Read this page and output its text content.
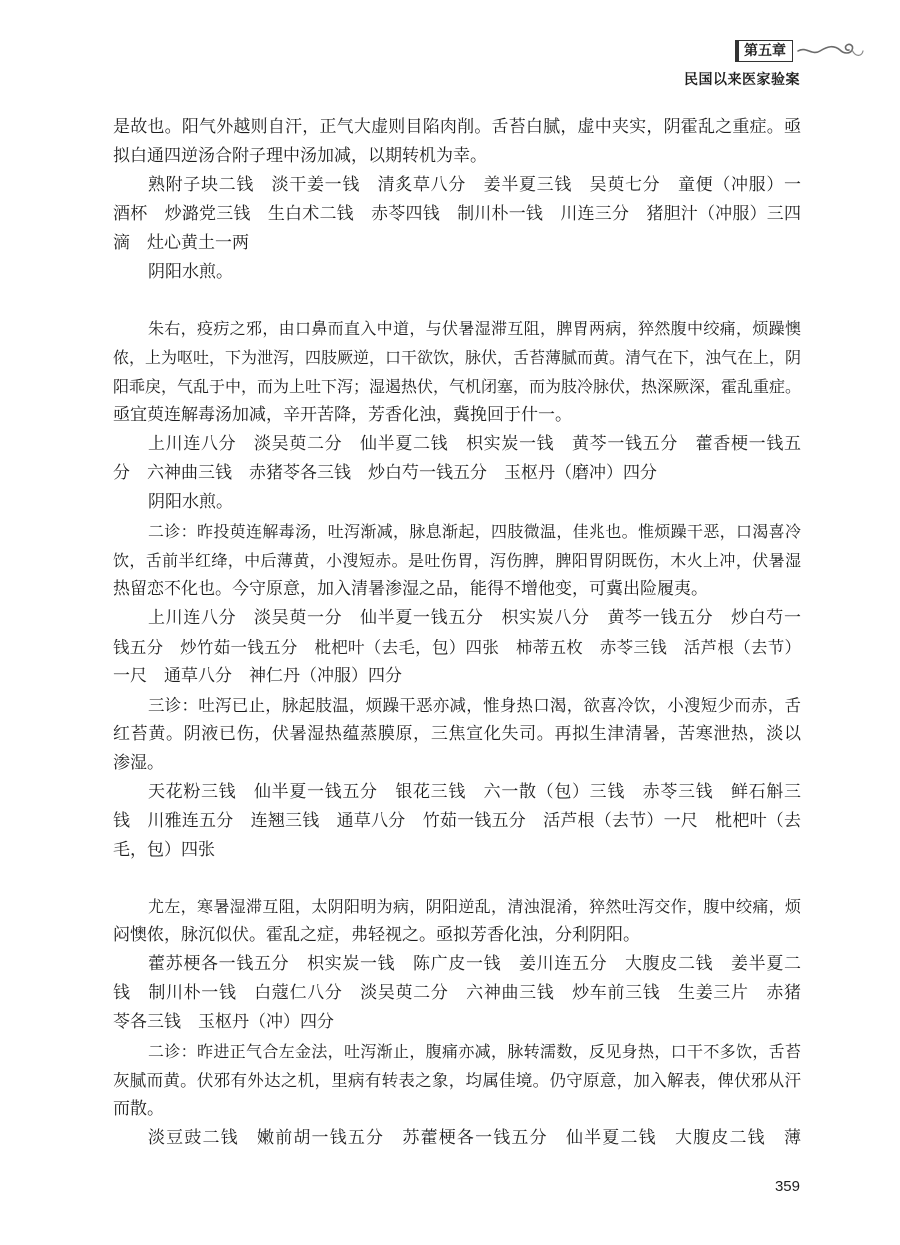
第五章
民国以来医家验案
是故也。阳气外越则自汗，正气大虚则目陷肉削。舌苔白腻，虚中夹实，阴霍乱之重症。亟
拟白通四逆汤合附子理中汤加减，以期转机为幸。
熟附子块二钱　淡干姜一钱　清炙草八分　姜半夏三钱　吴萸七分　童便（冲服）一
酒杯　炒潞党三钱　生白术二钱　赤苓四钱　制川朴一钱　川连三分　猪胆汁（冲服）三四
滴　灶心黄土一两
阴阳水煎。
朱右，疫疠之邪，由口鼻而直入中道，与伏暑湿滞互阻，脾胃两病，猝然腹中绞痛，烦躁懊
侬，上为呕吐，下为泄泻，四肢厥逆，口干欲饮，脉伏，舌苔薄腻而黄。清气在下，浊气在上，阴
阳乖戾，气乱于中，而为上吐下泻；湿遏热伏，气机闭塞，而为肢冷脉伏，热深厥深，霍乱重症。
亟宜萸连解毒汤加减，辛开苦降，芳香化浊，冀挽回于什一。
上川连八分　淡吴萸二分　仙半夏二钱　枳实炭一钱　黄芩一钱五分　藿香梗一钱五
分　六神曲三钱　赤猪苓各三钱　炒白芍一钱五分　玉枢丹（磨冲）四分
阴阳水煎。
二诊：昨投萸连解毒汤，吐泻渐减，脉息渐起，四肢微温，佳兆也。惟烦躁干恶，口渴喜冷
饮，舌前半红绛，中后薄黄，小溲短赤。是吐伤胃，泻伤脾，脾阳胃阴既伤，木火上冲，伏暑湿
热留恋不化也。今守原意，加入清暑渗湿之品，能得不增他变，可冀出险履夷。
上川连八分　淡吴萸一分　仙半夏一钱五分　枳实炭八分　黄芩一钱五分　炒白芍一
钱五分　炒竹茹一钱五分　枇杷叶（去毛，包）四张　柿蒂五枚　赤苓三钱　活芦根（去节）
一尺　通草八分　神仁丹（冲服）四分
三诊：吐泻已止，脉起肢温，烦躁干恶亦减，惟身热口渴，欲喜冷饮，小溲短少而赤，舌
红苔黄。阴液已伤，伏暑湿热蕴蒸膜原，三焦宣化失司。再拟生津清暑，苦寒泄热，淡以
渗湿。
天花粉三钱　仙半夏一钱五分　银花三钱　六一散（包）三钱　赤苓三钱　鲜石斛三
钱　川雅连五分　连翘三钱　通草八分　竹茹一钱五分　活芦根（去节）一尺　枇杷叶（去
毛，包）四张
尤左，寒暑湿滞互阻，太阴阳明为病，阴阳逆乱，清浊混淆，猝然吐泻交作，腹中绞痛，烦
闷懊侬，脉沉似伏。霍乱之症，弗轻视之。亟拟芳香化浊，分利阴阳。
藿苏梗各一钱五分　枳实炭一钱　陈广皮一钱　姜川连五分　大腹皮二钱　姜半夏二
钱　制川朴一钱　白蔻仁八分　淡吴萸二分　六神曲三钱　炒车前三钱　生姜三片　赤猪
苓各三钱　玉枢丹（冲）四分
二诊：昨进正气合左金法，吐泻渐止，腹痛亦减，脉转濡数，反见身热，口干不多饮，舌苔
灰腻而黄。伏邪有外达之机，里病有转表之象，均属佳境。仍守原意，加入解表，俾伏邪从汗
而散。
淡豆豉二钱　嫩前胡一钱五分　苏藿梗各一钱五分　仙半夏二钱　大腹皮二钱　薄
359
